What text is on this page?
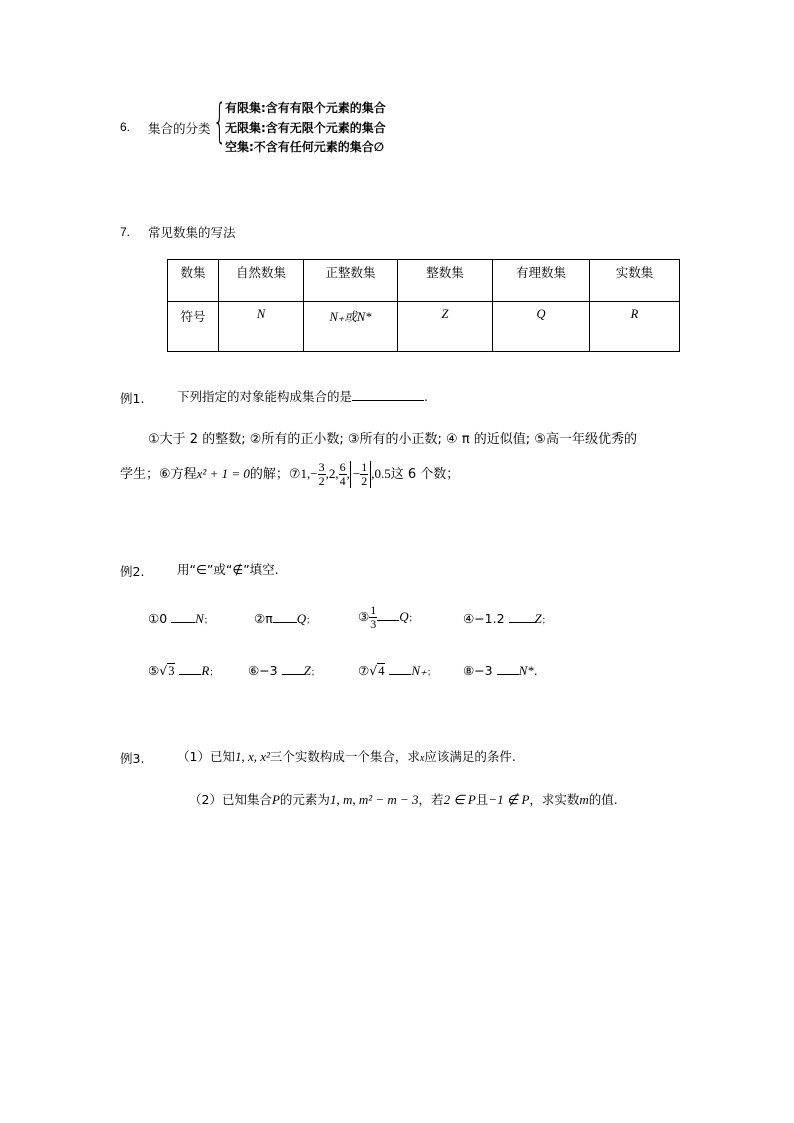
6. 集合的分类 {
有限集:含有有限个元素的集合
无限集:含有无限个元素的集合
空集:不含有任何元素的集合∅
7. 常见数集的写法
数集	自然数集	正整数集	整数集	有理数集	实数集
符号	N	N₊或N*	Z	Q	R
例1.	下列指定的对象能构成集合的是	.
①大于 2 的整数; ②所有的正小数; ③所有的小正数; ④ π 的近似值; ⑤高一年级优秀的
学生；⑥方程x² + 1 = 0的解；⑦1,− $\frac{3}{2} ,2$, $\frac{6}{4}$ , − $\frac{1}{2} ,0.5$这 6 个数；
例2.	用“∈”或“∉”填空.
①0 N；	②π Q；	③ $\frac{1}{3}$ Q；	④−1.2 Z；
⑤√3 R； ⑥−3 Z；	⑦√4 N₊； ⑧−3 N*.
例3.	（1）已知1, x, x²三个实数构成一个集合，求x应该满足的条件.
（2）已知集合P的元素为1, m, m² − m − 3，若2 ∈ P且−1 ∉ P，求实数m的值.
